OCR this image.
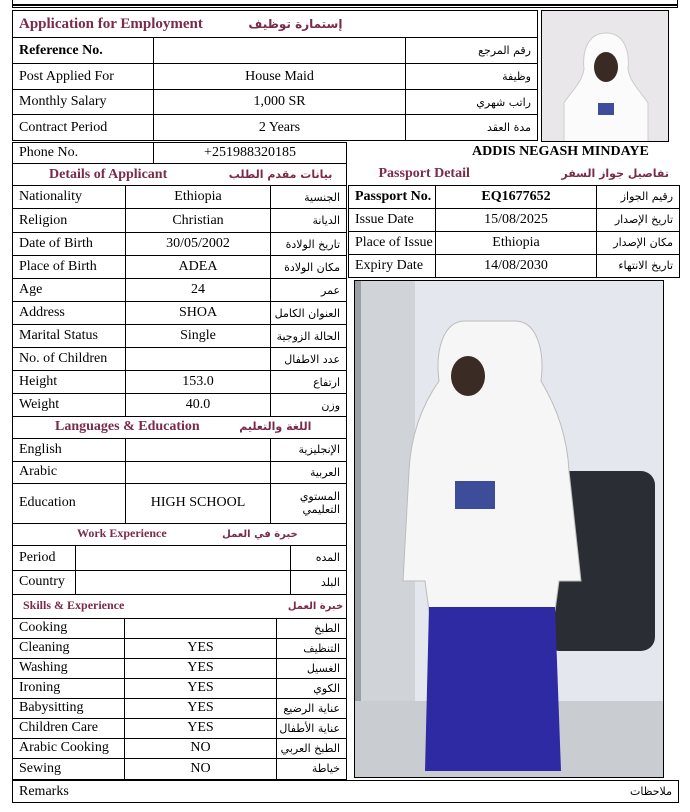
Application for Employment إستمارة توظيف		
Reference No.		رقم المرجع
Post Applied For	House Maid	وظيفة
Monthly Salary	1,000 SR	راتب شهري
Contract Period	2 Years	مدة العقد
Phone No.	+251988320185	ADDIS NEGASH MINDAYE
Details of Applicant بيانات مقدم الطلب		
Nationality	Ethiopia	الجنسية
Religion	Christian	الديانة
Date of Birth	30/05/2002	تاريخ الولادة
Place of Birth	ADEA	مكان الولادة
Age	24	عمر
Address	SHOA	العنوان الكامل
Marital Status	Single	الحالة الزوجية
No. of Children		عدد الاطفال
Height	153.0	ارتفاع
Weight	40.0	وزن
Passport Detail تفاصيل جواز السفر		
Passport No.	EQ1677652	رقيم الجواز
Issue Date	15/08/2025	تاريخ الإصدار
Place of Issue	Ethiopia	مكان الإصدار
Expiry Date	14/08/2030	تاريخ الانتهاء
Languages & Education اللغة والتعليم		
English		الإنجليزية
Arabic		العربية
Education	HIGH SCHOOL	المستوي التعليمي
Work Experience خبرة في العمل		
Period		المده
Country		البلد
Skills & Experience خبرة العمل		
Cooking		الطبخ
Cleaning	YES	التنظيف
Washing	YES	الغسيل
Ironing	YES	الكوي
Babysitting	YES	عناية الرضيع
Children Care	YES	عناية الأطفال
Arabic Cooking	NO	الطبخ العربي
Sewing	NO	خياطة
Remarks	ملاحظات
